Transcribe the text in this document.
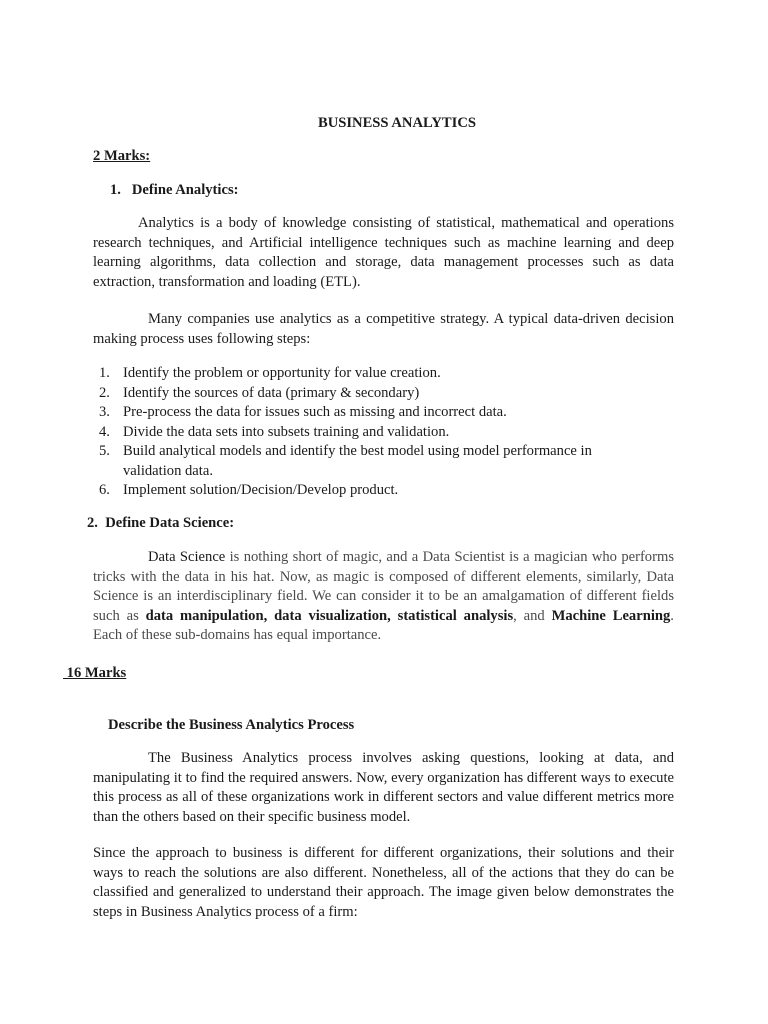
BUSINESS ANALYTICS
2 Marks:
1.   Define Analytics:
Analytics is a body of knowledge consisting of statistical, mathematical and operations research techniques, and Artificial intelligence techniques such as machine learning and deep learning algorithms, data collection and storage, data management processes such as data extraction, transformation and loading (ETL).
Many companies use analytics as a competitive strategy. A typical data-driven decision making process uses following steps:
1. Identify the problem or opportunity for value creation.
2. Identify the sources of data (primary & secondary)
3. Pre-process the data for issues such as missing and incorrect data.
4. Divide the data sets into subsets training and validation.
5. Build analytical models and identify the best model using model performance in validation data.
6. Implement solution/Decision/Develop product.
2.  Define Data Science:
Data Science is nothing short of magic, and a Data Scientist is a magician who performs tricks with the data in his hat. Now, as magic is composed of different elements, similarly, Data Science is an interdisciplinary field. We can consider it to be an amalgamation of different fields such as data manipulation, data visualization, statistical analysis, and Machine Learning. Each of these sub-domains has equal importance.
16 Marks
Describe the Business Analytics Process
The Business Analytics process involves asking questions, looking at data, and manipulating it to find the required answers. Now, every organization has different ways to execute this process as all of these organizations work in different sectors and value different metrics more than the others based on their specific business model.
Since the approach to business is different for different organizations, their solutions and their ways to reach the solutions are also different. Nonetheless, all of the actions that they do can be classified and generalized to understand their approach. The image given below demonstrates the steps in Business Analytics process of a firm:
